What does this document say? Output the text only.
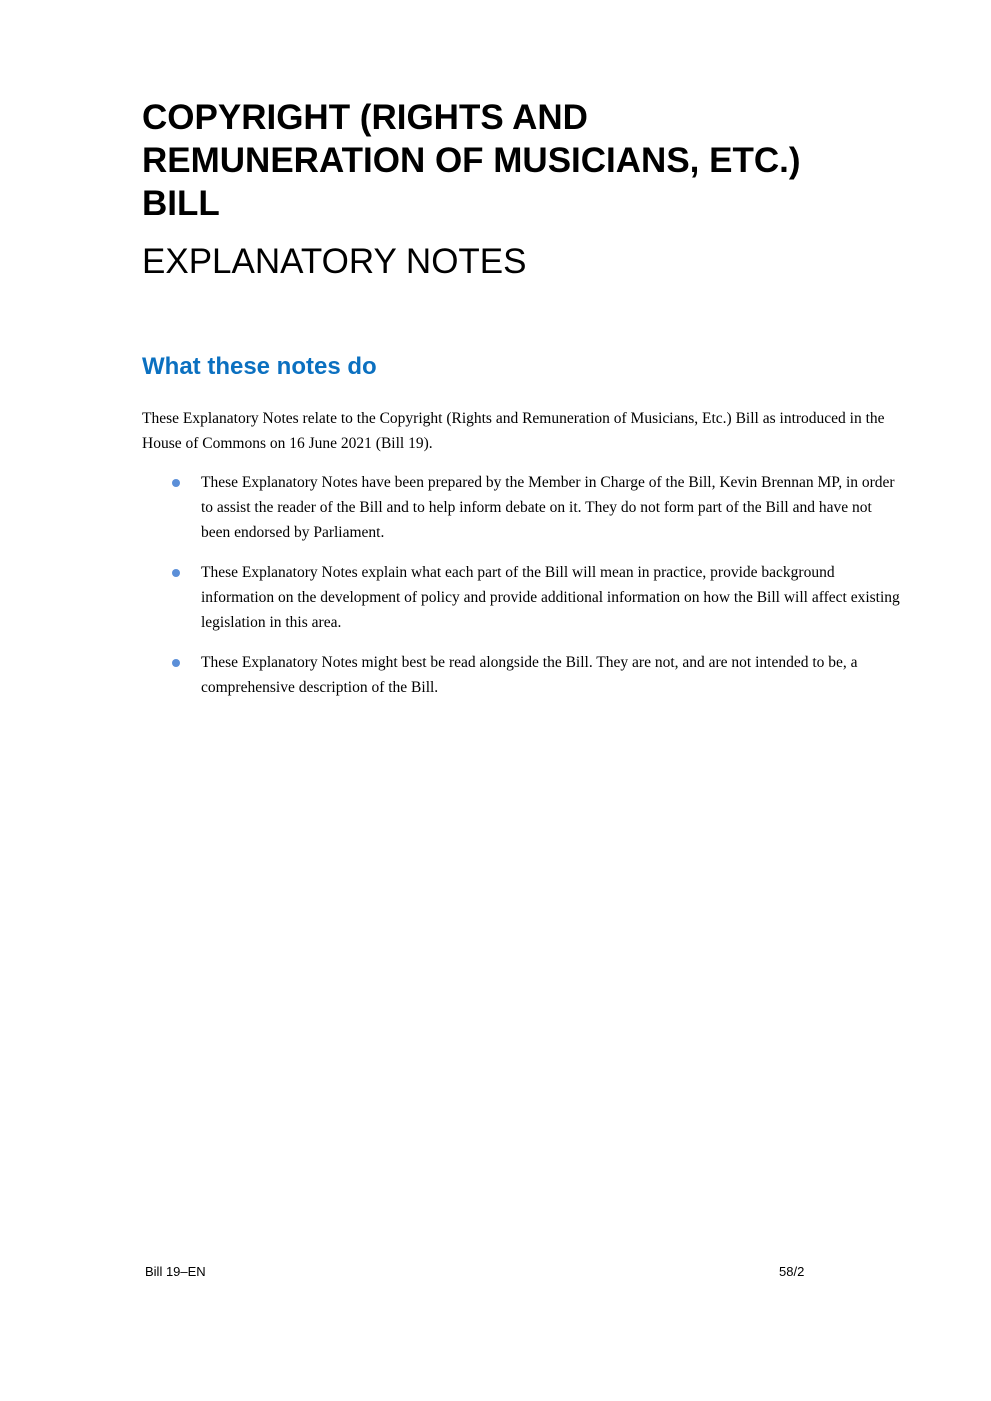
COPYRIGHT (RIGHTS AND REMUNERATION OF MUSICIANS, ETC.) BILL
EXPLANATORY NOTES
What these notes do

These Explanatory Notes relate to the Copyright (Rights and Remuneration of Musicians, Etc.) Bill as introduced in the House of Commons on 16 June 2021 (Bill 19).

These Explanatory Notes have been prepared by the Member in Charge of the Bill, Kevin Brennan MP, in order to assist the reader of the Bill and to help inform debate on it. They do not form part of the Bill and have not been endorsed by Parliament.
These Explanatory Notes explain what each part of the Bill will mean in practice, provide background information on the development of policy and provide additional information on how the Bill will affect existing legislation in this area.
These Explanatory Notes might best be read alongside the Bill. They are not, and are not intended to be, a comprehensive description of the Bill.
Bill 19–EN	58/2
